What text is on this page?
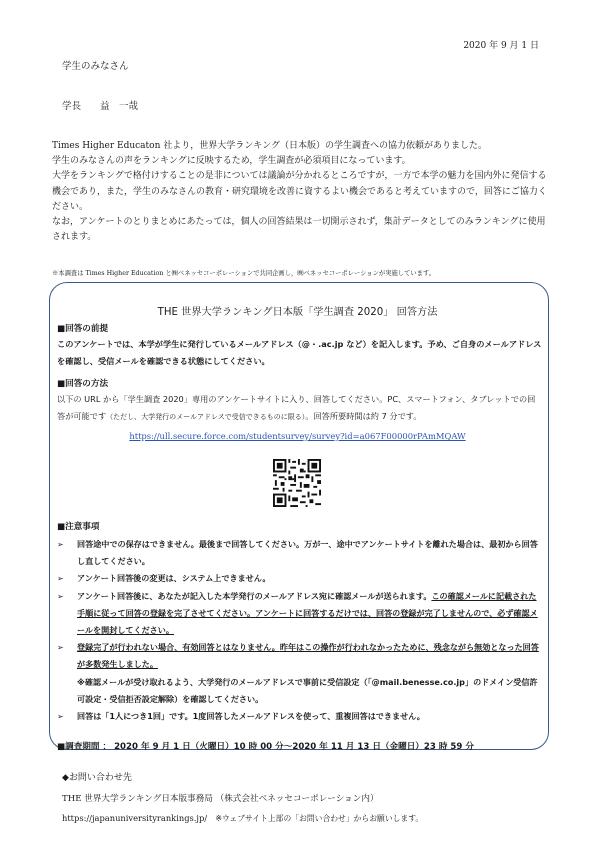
2020 年 9 月 1 日
学生のみなさん
学長　　益　一哉

Times Higher Educaton 社より，世界大学ランキング（日本版）の学生調査への協力依頼がありました。

学生のみなさんの声をランキングに反映するため，学生調査が必須項目になっています。

大学をランキングで格付けすることの是非については議論が分かれるところですが，一方で本学の魅力を国内外に発信する機会であり，また，学生のみなさんの教育・研究環境を改善に資するよい機会であると考えていますので，回答にご協力ください。

なお，アンケートのとりまとめにあたっては，個人の回答結果は一切開示されず，集計データとしてのみランキングに使用されます。

※本調査は Times Higher Education と㈱ベネッセコーポレーションで共同企画し，㈱ベネッセコーポレーションが実施しています。
THE 世界大学ランキング日本版「学生調査 2020」 回答方法
■回答の前提
このアンケートでは、本学が学生に発行しているメールアドレス（@・.ac.jp など）を記入します。予め、ご自身のメールアドレスを確認し、受信メールを確認できる状態にしてください。
■回答の方法
以下の URL から「学生調査 2020」専用のアンケートサイトに入り、回答してください。PC、スマートフォン、タブレットでの回答が可能です（ただし、大学発行のメールアドレスで受信できるものに限る）。回答所要時間は約 7 分です。
https://ull.secure.force.com/studentsurvey/survey?id=a067F00000rPAmMQAW
■注意事項
➢	回答途中での保存はできません。最後まで回答してください。万が一、途中でアンケートサイトを離れた場合は、最初から回答し直してください。
➢	アンケート回答後の変更は、システム上できません。
➢	アンケート回答後に、あなたが記入した本学発行のメールアドレス宛に確認メールが送られます。この確認メールに記載された手順に従って回答の登録を完了させてください。アンケートに回答するだけでは、回答の登録が完了しませんので、必ず確認メールを開封してください。
➢	登録完了が行われない場合、有効回答とはなりません。昨年はこの操作が行われなかったために、残念ながら無効となった回答が多数発生しました。
※確認メールが受け取れるよう、大学発行のメールアドレスで事前に受信設定（「@mail.benesse.co.jp」のドメイン受信許可設定・受信拒否設定解除）を確認してください。
➢	回答は「1人につき1回」です。1度回答したメールアドレスを使って、重複回答はできません。
■調査期間 ： 2020 年 9 月 1 日（火曜日）10 時 00 分～2020 年 11 月 13 日（金曜日）23 時 59 分
◆お問い合わせ先
THE 世界大学ランキング日本版事務局 （株式会社ベネッセコーポレーション内）
https://japanuniversityrankings.jp/　 ※ウェブサイト上部の「お問い合わせ」からお願いします。
